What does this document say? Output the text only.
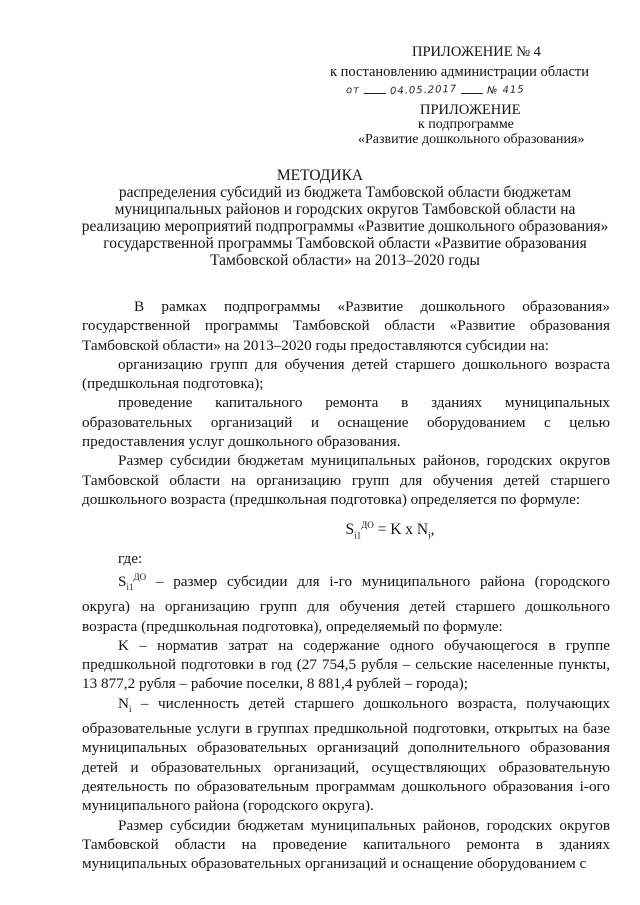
ПРИЛОЖЕНИЕ № 4
к постановлению администрации области
от	04.05.2017	№ 415
ПРИЛОЖЕНИЕ
к подпрограмме
«Развитие дошкольного образования»
МЕТОДИКА
распределения субсидий из бюджета Тамбовской области бюджетам
муниципальных районов и городских округов Тамбовской области на
реализацию мероприятий подпрограммы «Развитие дошкольного образования»
государственной программы Тамбовской области «Развитие образования
Тамбовской области» на 2013–2020 годы
В рамках подпрограммы «Развитие дошкольного образования» государственной программы Тамбовской области «Развитие образования Тамбовской области» на 2013–2020 годы предоставляются субсидии на:
организацию групп для обучения детей старшего дошкольного возраста (предшкольная подготовка);
проведение капитального ремонта в зданиях муниципальных образовательных организаций и оснащение оборудованием с целью предоставления услуг дошкольного образования.
Размер субсидии бюджетам муниципальных районов, городских округов Тамбовской области на организацию групп для обучения детей старшего дошкольного возраста (предшкольная подготовка) определяется по формуле:
$S_{i1}^{ДО} = K$ x $N_i$,
где:
$S_{i1}^{ДО}$ – размер субсидии для i-го муниципального района (городского округа) на организацию групп для обучения детей старшего дошкольного возраста (предшкольная подготовка), определяемый по формуле:
K – норматив затрат на содержание одного обучающегося в группе предшкольной подготовки в год (27 754,5 рубля – сельские населенные пункты, 13 877,2 рубля – рабочие поселки, 8 881,4 рублей – города);
$N_i$ – численность детей старшего дошкольного возраста, получающих образовательные услуги в группах предшкольной подготовки, открытых на базе муниципальных образовательных организаций дополнительного образования детей и образовательных организаций, осуществляющих образовательную деятельность по образовательным программам дошкольного образования i-ого муниципального района (городского округа).
Размер субсидии бюджетам муниципальных районов, городских округов Тамбовской области на проведение капитального ремонта в зданиях муниципальных образовательных организаций и оснащение оборудованием с
